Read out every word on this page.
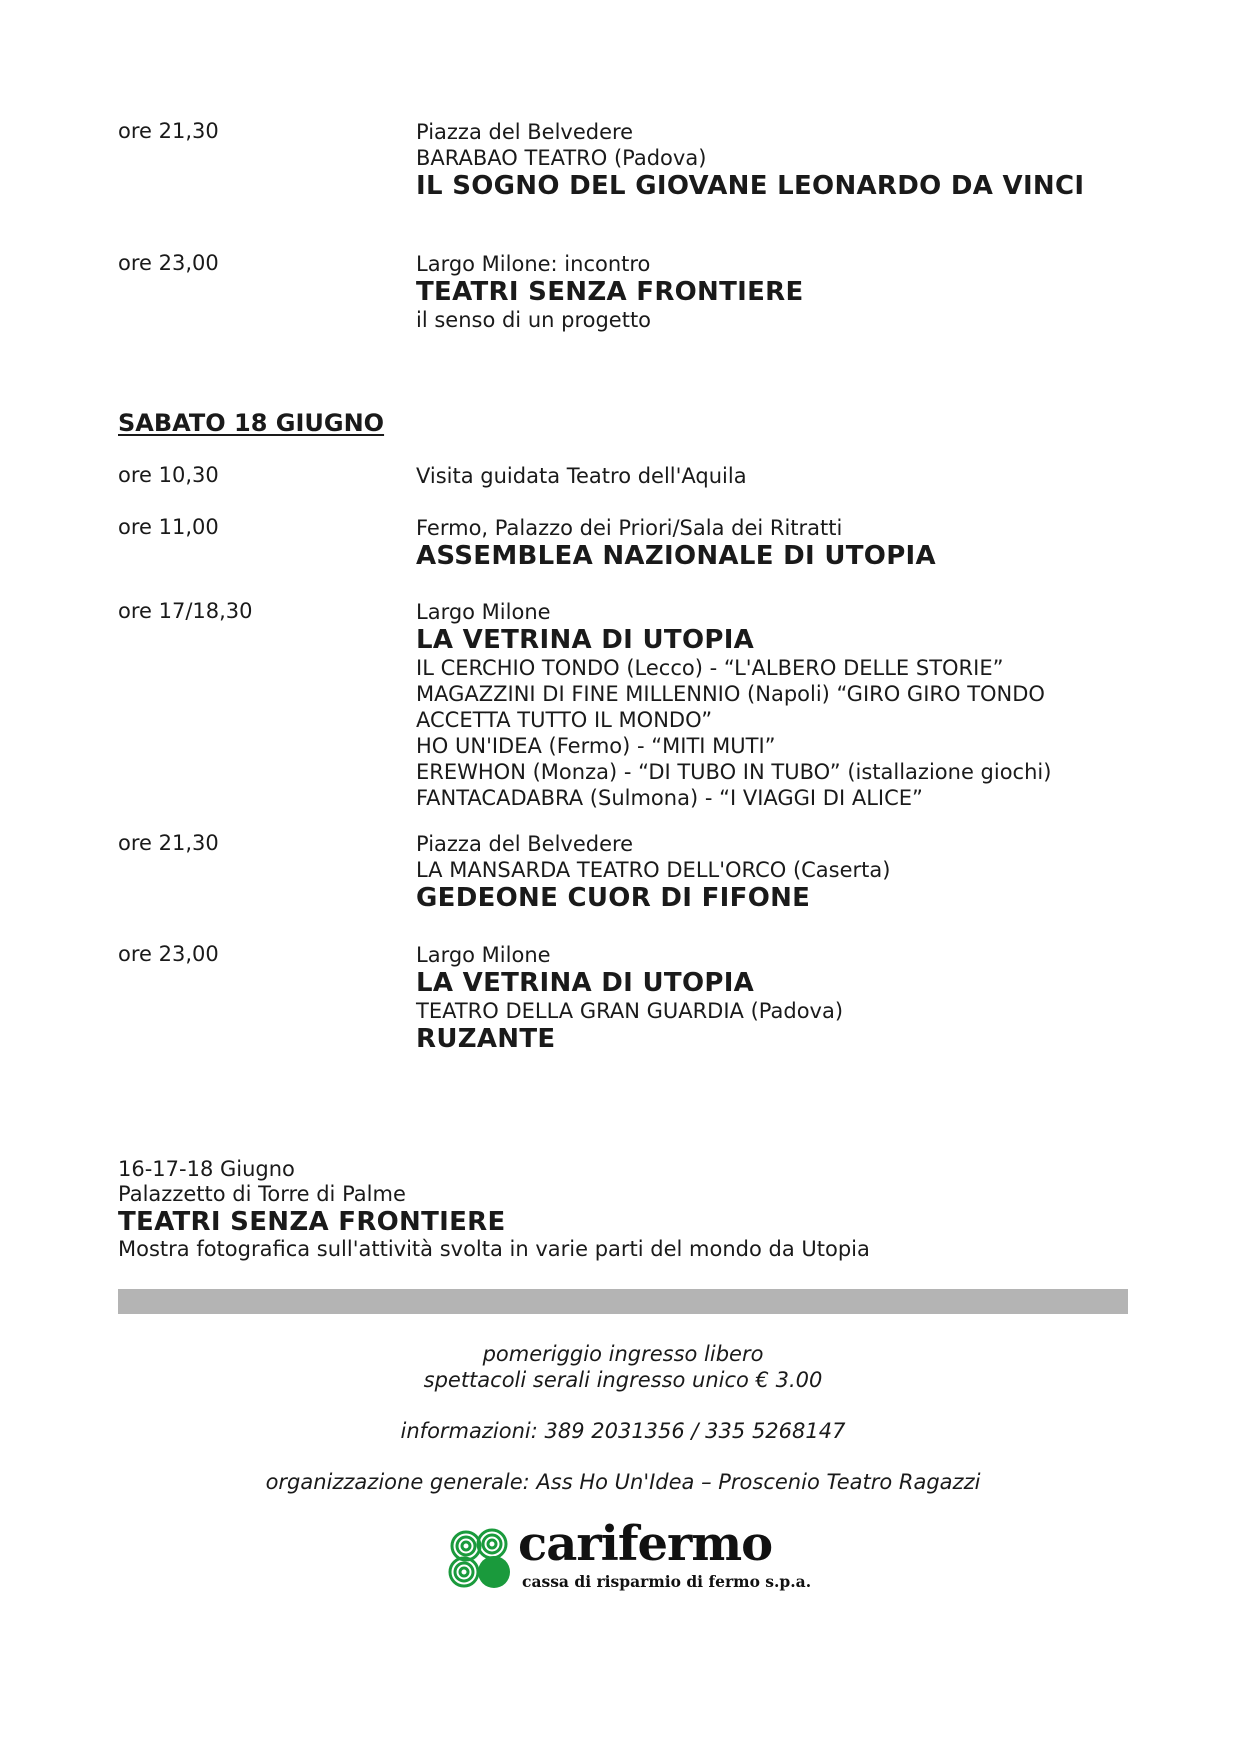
ore 21,30	Piazza del Belvedere
BARABAO TEATRO (Padova)
IL SOGNO DEL GIOVANE LEONARDO DA VINCI
ore 23,00	Largo Milone: incontro
TEATRI SENZA FRONTIERE
il senso di un progetto
SABATO 18 GIUGNO
ore 10,30	Visita guidata Teatro dell'Aquila
ore 11,00	Fermo, Palazzo dei Priori/Sala dei Ritratti
ASSEMBLEA NAZIONALE DI UTOPIA
ore 17/18,30	Largo Milone
LA VETRINA DI UTOPIA
IL CERCHIO TONDO (Lecco) - “L'ALBERO DELLE STORIE”
MAGAZZINI DI FINE MILLENNIO (Napoli) “GIRO GIRO TONDO
ACCETTA TUTTO IL MONDO”
HO UN'IDEA (Fermo) - “MITI MUTI”
EREWHON (Monza) - “DI TUBO IN TUBO” (istallazione giochi)
FANTACADABRA (Sulmona) - “I VIAGGI DI ALICE”
ore 21,30	Piazza del Belvedere
LA MANSARDA TEATRO DELL'ORCO (Caserta)
GEDEONE CUOR DI FIFONE
ore 23,00	Largo Milone
LA VETRINA DI UTOPIA
TEATRO DELLA GRAN GUARDIA (Padova)
RUZANTE
16-17-18 Giugno
Palazzetto di Torre di Palme
TEATRI SENZA FRONTIERE
Mostra fotografica sull'attività svolta in varie parti del mondo da Utopia
pomeriggio ingresso libero
spettacoli serali ingresso unico € 3.00
informazioni: 389 2031356 / 335 5268147
organizzazione generale: Ass Ho Un'Idea – Proscenio Teatro Ragazzi
carifermo
cassa di risparmio di fermo s.p.a.
